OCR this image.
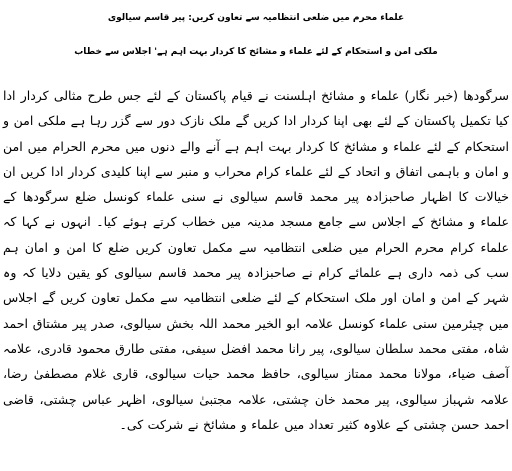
علماء محرم میں ضلعی انتظامیہ سے تعاون کریں: پیر قاسم سیالوی
ملکی امن و استحکام کے لئے علماء و مشائخ کا کردار بہت اہم ہے' اجلاس سے خطاب
سرگودھا (خبر نگار) علماء و مشائخ اہلسنت نے قیام پاکستان کے لئے جس طرح مثالی کردار ادا کیا تکمیل پاکستان کے لئے بھی اپنا کردار ادا کریں گے ملک نازک دور سے گزر رہا ہے ملکی امن و استحکام کے لئے علماء و مشائخ کا کردار بہت اہم ہے آنے والے دنوں میں محرم الحرام میں امن و امان و باہمی اتفاق و اتحاد کے لئے علماء کرام محراب و منبر سے اپنا کلیدی کردار ادا کریں ان خیالات کا اظہار صاحبزادہ پیر محمد قاسم سیالوی نے سنی علماء کونسل ضلع سرگودھا کے علماء و مشائخ کے اجلاس سے جامع مسجد مدینہ میں خطاب کرتے ہوئے کیا۔ انہوں نے کہا کہ علماء کرام محرم الحرام میں ضلعی انتظامیہ سے مکمل تعاون کریں ضلع کا امن و امان ہم سب کی ذمہ داری ہے علمائے کرام نے صاحبزادہ پیر محمد قاسم سیالوی کو یقین دلایا کہ وہ شہر کے امن و امان اور ملک استحکام کے لئے ضلعی انتظامیہ سے مکمل تعاون کریں گے اجلاس میں چیئرمین سنی علماء کونسل علامہ ابو الخیر محمد اللہ بخش سیالوی، صدر پیر مشتاق احمد شاہ، مفتی محمد سلطان سیالوی، پیر رانا محمد افضل سیفی، مفتی طارق محمود قادری، علامہ آصف ضیاء، مولانا محمد ممتاز سیالوی، حافظ محمد حیات سیالوی، قاری غلام مصطفیٰ رضا، علامہ شہباز سیالوی، پیر محمد خان چشتی، علامہ مجتبیٰ سیالوی، اظہر عباس چشتی، قاضی احمد حسن چشتی کے علاوہ کثیر تعداد میں علماء و مشائخ نے شرکت کی۔
